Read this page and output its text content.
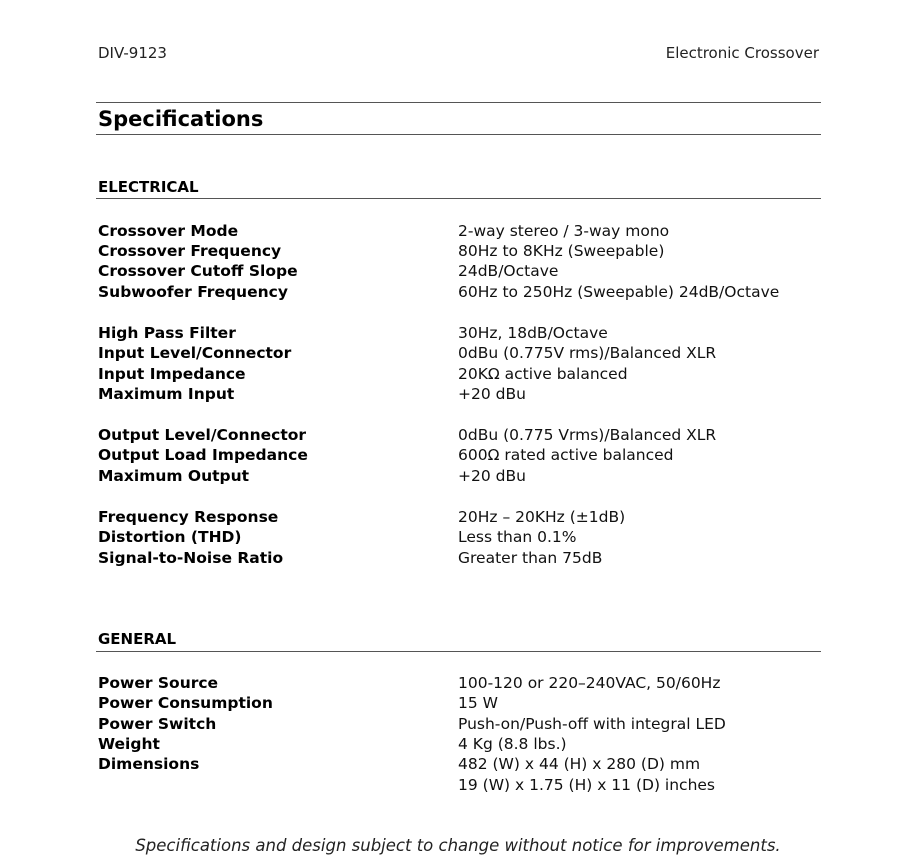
DIV-9123	Electronic Crossover
Specifications
ELECTRICAL
Crossover Mode	2-way stereo / 3-way mono
Crossover Frequency	80Hz to 8KHz (Sweepable)
Crossover Cutoff Slope	24dB/Octave
Subwoofer Frequency	60Hz to 250Hz (Sweepable) 24dB/Octave
High Pass Filter	30Hz, 18dB/Octave
Input Level/Connector	0dBu (0.775V rms)/Balanced XLR
Input Impedance	20KΩ active balanced
Maximum Input	+20 dBu
Output Level/Connector	0dBu (0.775 Vrms)/Balanced XLR
Output Load Impedance	600Ω rated active balanced
Maximum Output	+20 dBu
Frequency Response	20Hz – 20KHz (±1dB)
Distortion (THD)	Less than 0.1%
Signal-to-Noise Ratio	Greater than 75dB
GENERAL
Power Source	100-120 or 220–240VAC, 50/60Hz
Power Consumption	15 W
Power Switch	Push-on/Push-off with integral LED
Weight	4 Kg (8.8 lbs.)
Dimensions	482 (W) x 44 (H) x 280 (D) mm
19 (W) x 1.75 (H) x 11 (D) inches
Specifications and design subject to change without notice for improvements.
